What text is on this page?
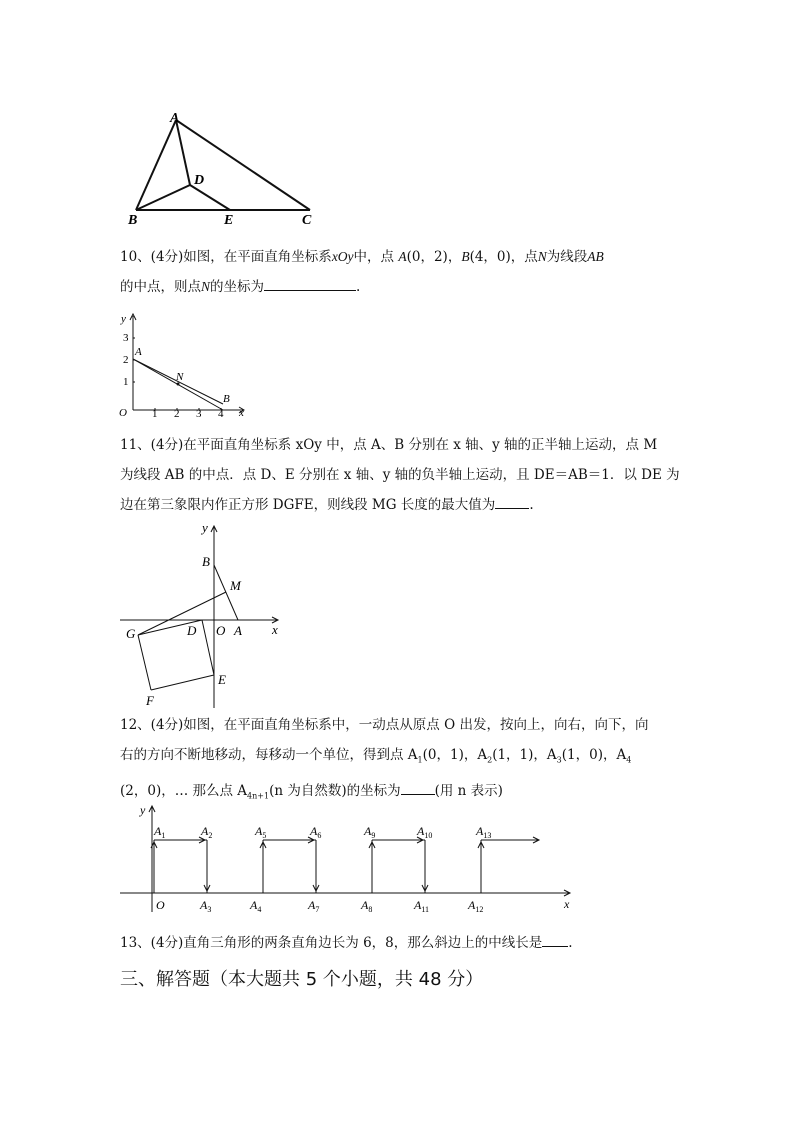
A
D
B	E	C
10、(4分)如图，在平面直角坐标系xOy中，点 A(0，2)，B(4，0)，点N为线段AB
的中点，则点N的坐标为	.
y
x
O 1 2 3 4
1
2
3
A
N
B
11、(4分)在平面直角坐标系 xOy 中，点 A、B 分别在 x 轴、y 轴的正半轴上运动，点 M
为线段 AB 的中点．点 D、E 分别在 x 轴、y 轴的负半轴上运动，且 DE＝AB＝1．以 DE 为
边在第三象限内作正方形 DGFE，则线段 MG 长度的最大值为	.
y
x
B
M
O A
G	D
E
F
12、(4分)如图，在平面直角坐标系中，一动点从原点 O 出发，按向上，向右，向下，向
右的方向不断地移动，每移动一个单位，得到点 $A_1(0$，1)，$A_2(1$，1)，$A_3(1$，0)，$A_4$
(2，0)，… 那么点 $A_{4n+1}(n$ 为自然数)的坐标为	(用 n 表示)
y
x
O
$A_1$	$A_2$	$A_5$	$A_6$	$A_9$	$A_{10}$	$A_{13}$
$A_3$	$A_4$	$A_7$	$A_8$	$A_{11}$	$A_{12}$
13、(4分)直角三角形的两条直角边长为 6，8，那么斜边上的中线长是 .
三、解答题（本大题共 5 个小题，共 48 分）
